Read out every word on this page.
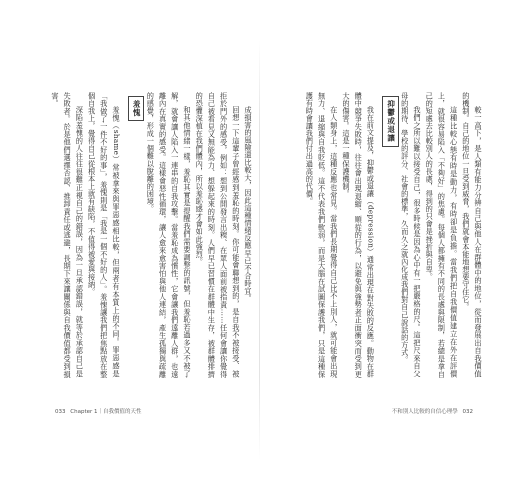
成損害的風險還比較大，因此這種情緒反應早已不合時宜。

回想一下這輩子曾經感到羞恥的時刻。你可能會聯想到的，是自我不被接受、被拒於門外的感受，例如：想到公開發言出糗、在眾人面前被指責……任何會讓你覺得自己被看見又無能為力、想躲起來的時刻。人們早已習慣在群體中生存，被群體排擠的恐懼深植在我們體內，所以羞恥感才會如此強烈。

和其他情緒一樣，羞恥其實是提醒我們需要調整的訊號，但羞恥若過多又不被了解，就會讓人陷入一連串的自我攻擊。當羞恥成為慣性，它會讓我們遠離人群，也遠離內在真實的感受。這樣會惡性循環，讓人愈來愈害怕與他人連結，產生孤獨與疏離的感覺，形成一個難以脫離的困境。

羞愧

羞愧（shame）常被拿來與罪惡感相比較，但兩者有本質上的不同。罪惡感是「我做了一件不好的事」，羞愧則是「我是一個不好的人」。羞愧讓我們把焦點放在整個自我上，覺得自己從根本上就有缺陷，不值得被愛與接納。

深陷羞愧的人往往很難正視自己的錯誤，因為一旦承認錯誤，就等於承認自己是失敗者。於是他們選擇否認、推卸責任或逃避，長期下來讓關係與自我價值都受到損害。

033 Chapter 1｜自我價值的天性

較一高下，是人類有能力分辨自己與他人在群體中的地位，從而發展出自我價值的機制。自己的地位一旦受到威脅，我們就會本能地想要守住它。

這種比較心態有時是動力，有時卻是負擔。當我們把自我價值建立在外在評價上，就很容易陷入「不夠好」的焦慮。每個人都擁有不同的長處與限制，若總是拿自己的短處去比較別人的長處，得到的只會是挫折與自卑。

我們之所以難以接受自己，很多時候是因為心中有一把嚴格的尺。這把尺來自父母的期待、學校的評分、社會的標準，久而久之就內化成我們對自己說話的方式。

抑鬱或退讓

我在前文提及，抑鬱或退讓（depression）通常出現在對失敗的反應。動物在群體中競爭失敗時，往往會出現退縮、順從的行為，以避免與強勢者正面衝突而受到更大的傷害。這是一種保護機制。

在人類身上，這種反應也常見。當我們長期覺得自己比不上別人，就可能會出現無力、退縮與自我貶低。這不代表我們軟弱，而是大腦在試圖保護我們，只是這種保護有時會讓我們付出過高的代價。

不和別人比較的自信心理學 032
